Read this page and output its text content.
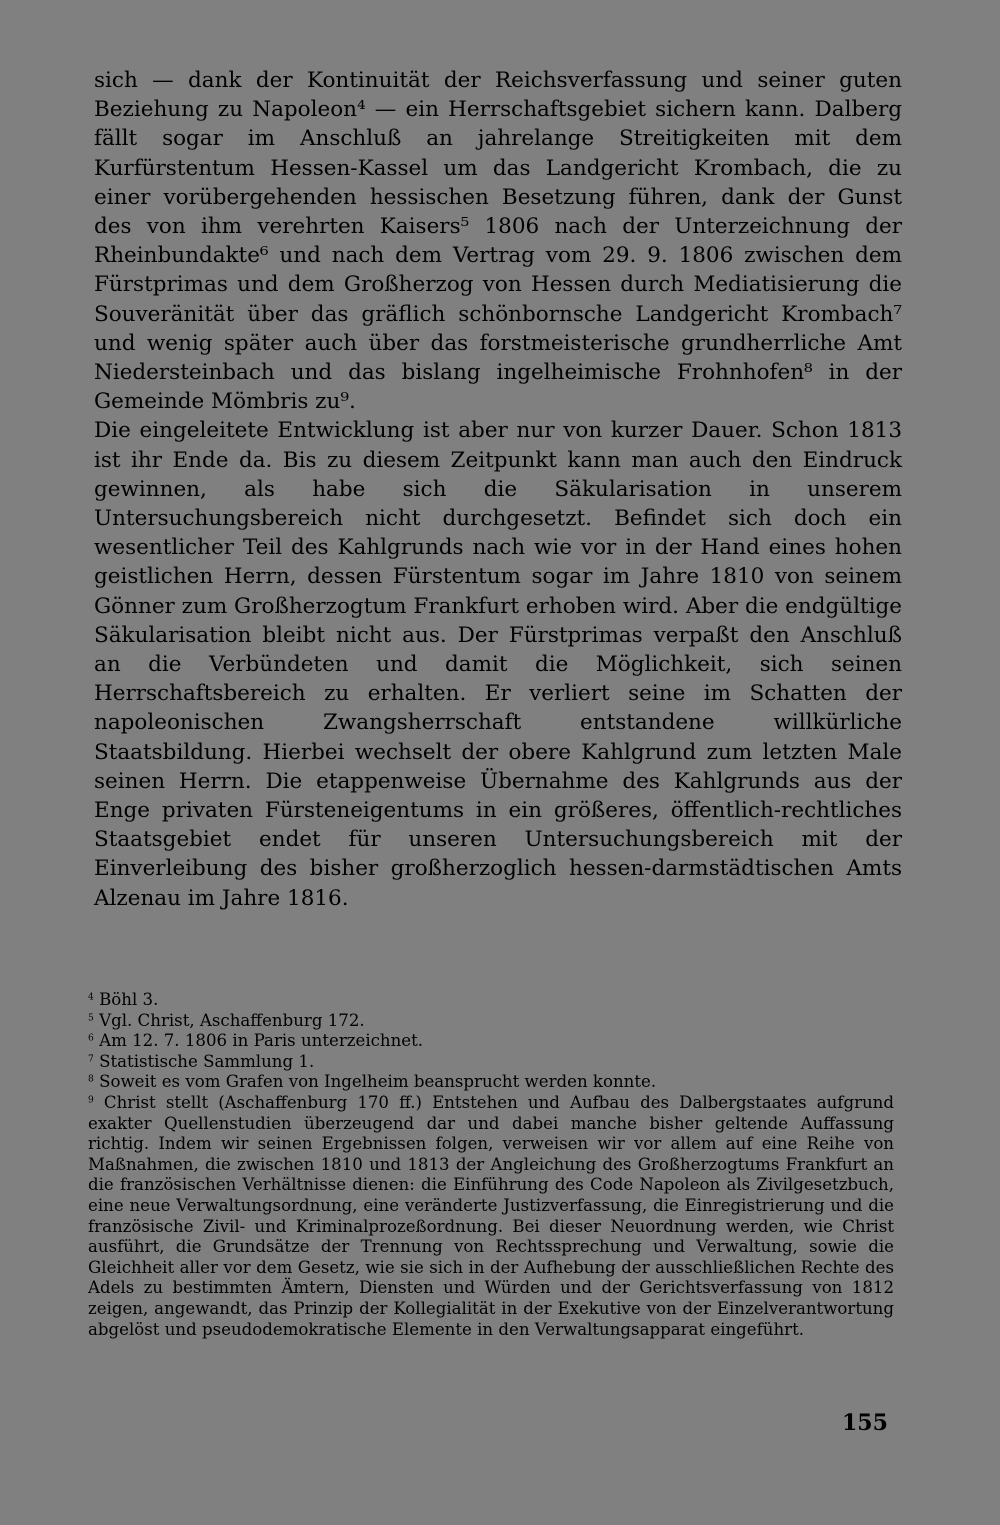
sich — dank der Kontinuität der Reichsverfassung und seiner guten Beziehung zu Napoleon⁴ — ein Herrschaftsgebiet sichern kann. Dalberg fällt sogar im Anschluß an jahrelange Streitigkeiten mit dem Kurfürstentum Hessen-Kassel um das Landgericht Krombach, die zu einer vorübergehenden hessischen Besetzung führen, dank der Gunst des von ihm verehrten Kaisers⁵ 1806 nach der Unterzeichnung der Rheinbundakte⁶ und nach dem Vertrag vom 29. 9. 1806 zwischen dem Fürstprimas und dem Großherzog von Hessen durch Mediatisierung die Souveränität über das gräflich schönbornsche Landgericht Krombach⁷ und wenig später auch über das forstmeisterische grundherrliche Amt Niedersteinbach und das bislang ingelheimische Frohnhofen⁸ in der Gemeinde Mömbris zu⁹.

Die eingeleitete Entwicklung ist aber nur von kurzer Dauer. Schon 1813 ist ihr Ende da. Bis zu diesem Zeitpunkt kann man auch den Eindruck gewinnen, als habe sich die Säkularisation in unserem Untersuchungsbereich nicht durchgesetzt. Befindet sich doch ein wesentlicher Teil des Kahlgrunds nach wie vor in der Hand eines hohen geistlichen Herrn, dessen Fürstentum sogar im Jahre 1810 von seinem Gönner zum Großherzogtum Frankfurt erhoben wird. Aber die endgültige Säkularisation bleibt nicht aus. Der Fürstprimas verpaßt den Anschluß an die Verbündeten und damit die Möglichkeit, sich seinen Herrschaftsbereich zu erhalten. Er verliert seine im Schatten der napoleonischen Zwangsherrschaft entstandene willkürliche Staatsbildung. Hierbei wechselt der obere Kahlgrund zum letzten Male seinen Herrn. Die etappenweise Übernahme des Kahlgrunds aus der Enge privaten Fürsteneigentums in ein größeres, öffentlich-rechtliches Staatsgebiet endet für unseren Untersuchungsbereich mit der Einverleibung des bisher großherzoglich hessen-darmstädtischen Amts Alzenau im Jahre 1816.

$^4$ Böhl 3.

$^5$ Vgl. Christ, Aschaffenburg 172.

$^6$ Am 12. 7. 1806 in Paris unterzeichnet.

$^7$ Statistische Sammlung 1.

$^8$ Soweit es vom Grafen von Ingelheim beansprucht werden konnte.

$^9$ Christ stellt (Aschaffenburg 170 ff.) Entstehen und Aufbau des Dalbergstaates aufgrund exakter Quellenstudien überzeugend dar und dabei manche bisher geltende Auffassung richtig. Indem wir seinen Ergebnissen folgen, verweisen wir vor allem auf eine Reihe von Maßnahmen, die zwischen 1810 und 1813 der Angleichung des Großherzogtums Frankfurt an die französischen Verhältnisse dienen: die Einführung des Code Napoleon als Zivilgesetzbuch, eine neue Verwaltungsordnung, eine veränderte Justizverfassung, die Einregistrierung und die französische Zivil- und Kriminalprozeßordnung. Bei dieser Neuordnung werden, wie Christ ausführt, die Grundsätze der Trennung von Rechtssprechung und Verwaltung, sowie die Gleichheit aller vor dem Gesetz, wie sie sich in der Aufhebung der ausschließlichen Rechte des Adels zu bestimmten Ämtern, Diensten und Würden und der Gerichtsverfassung von 1812 zeigen, angewandt, das Prinzip der Kollegialität in der Exekutive von der Einzelverantwortung abgelöst und pseudodemokratische Elemente in den Verwaltungsapparat eingeführt.

155
